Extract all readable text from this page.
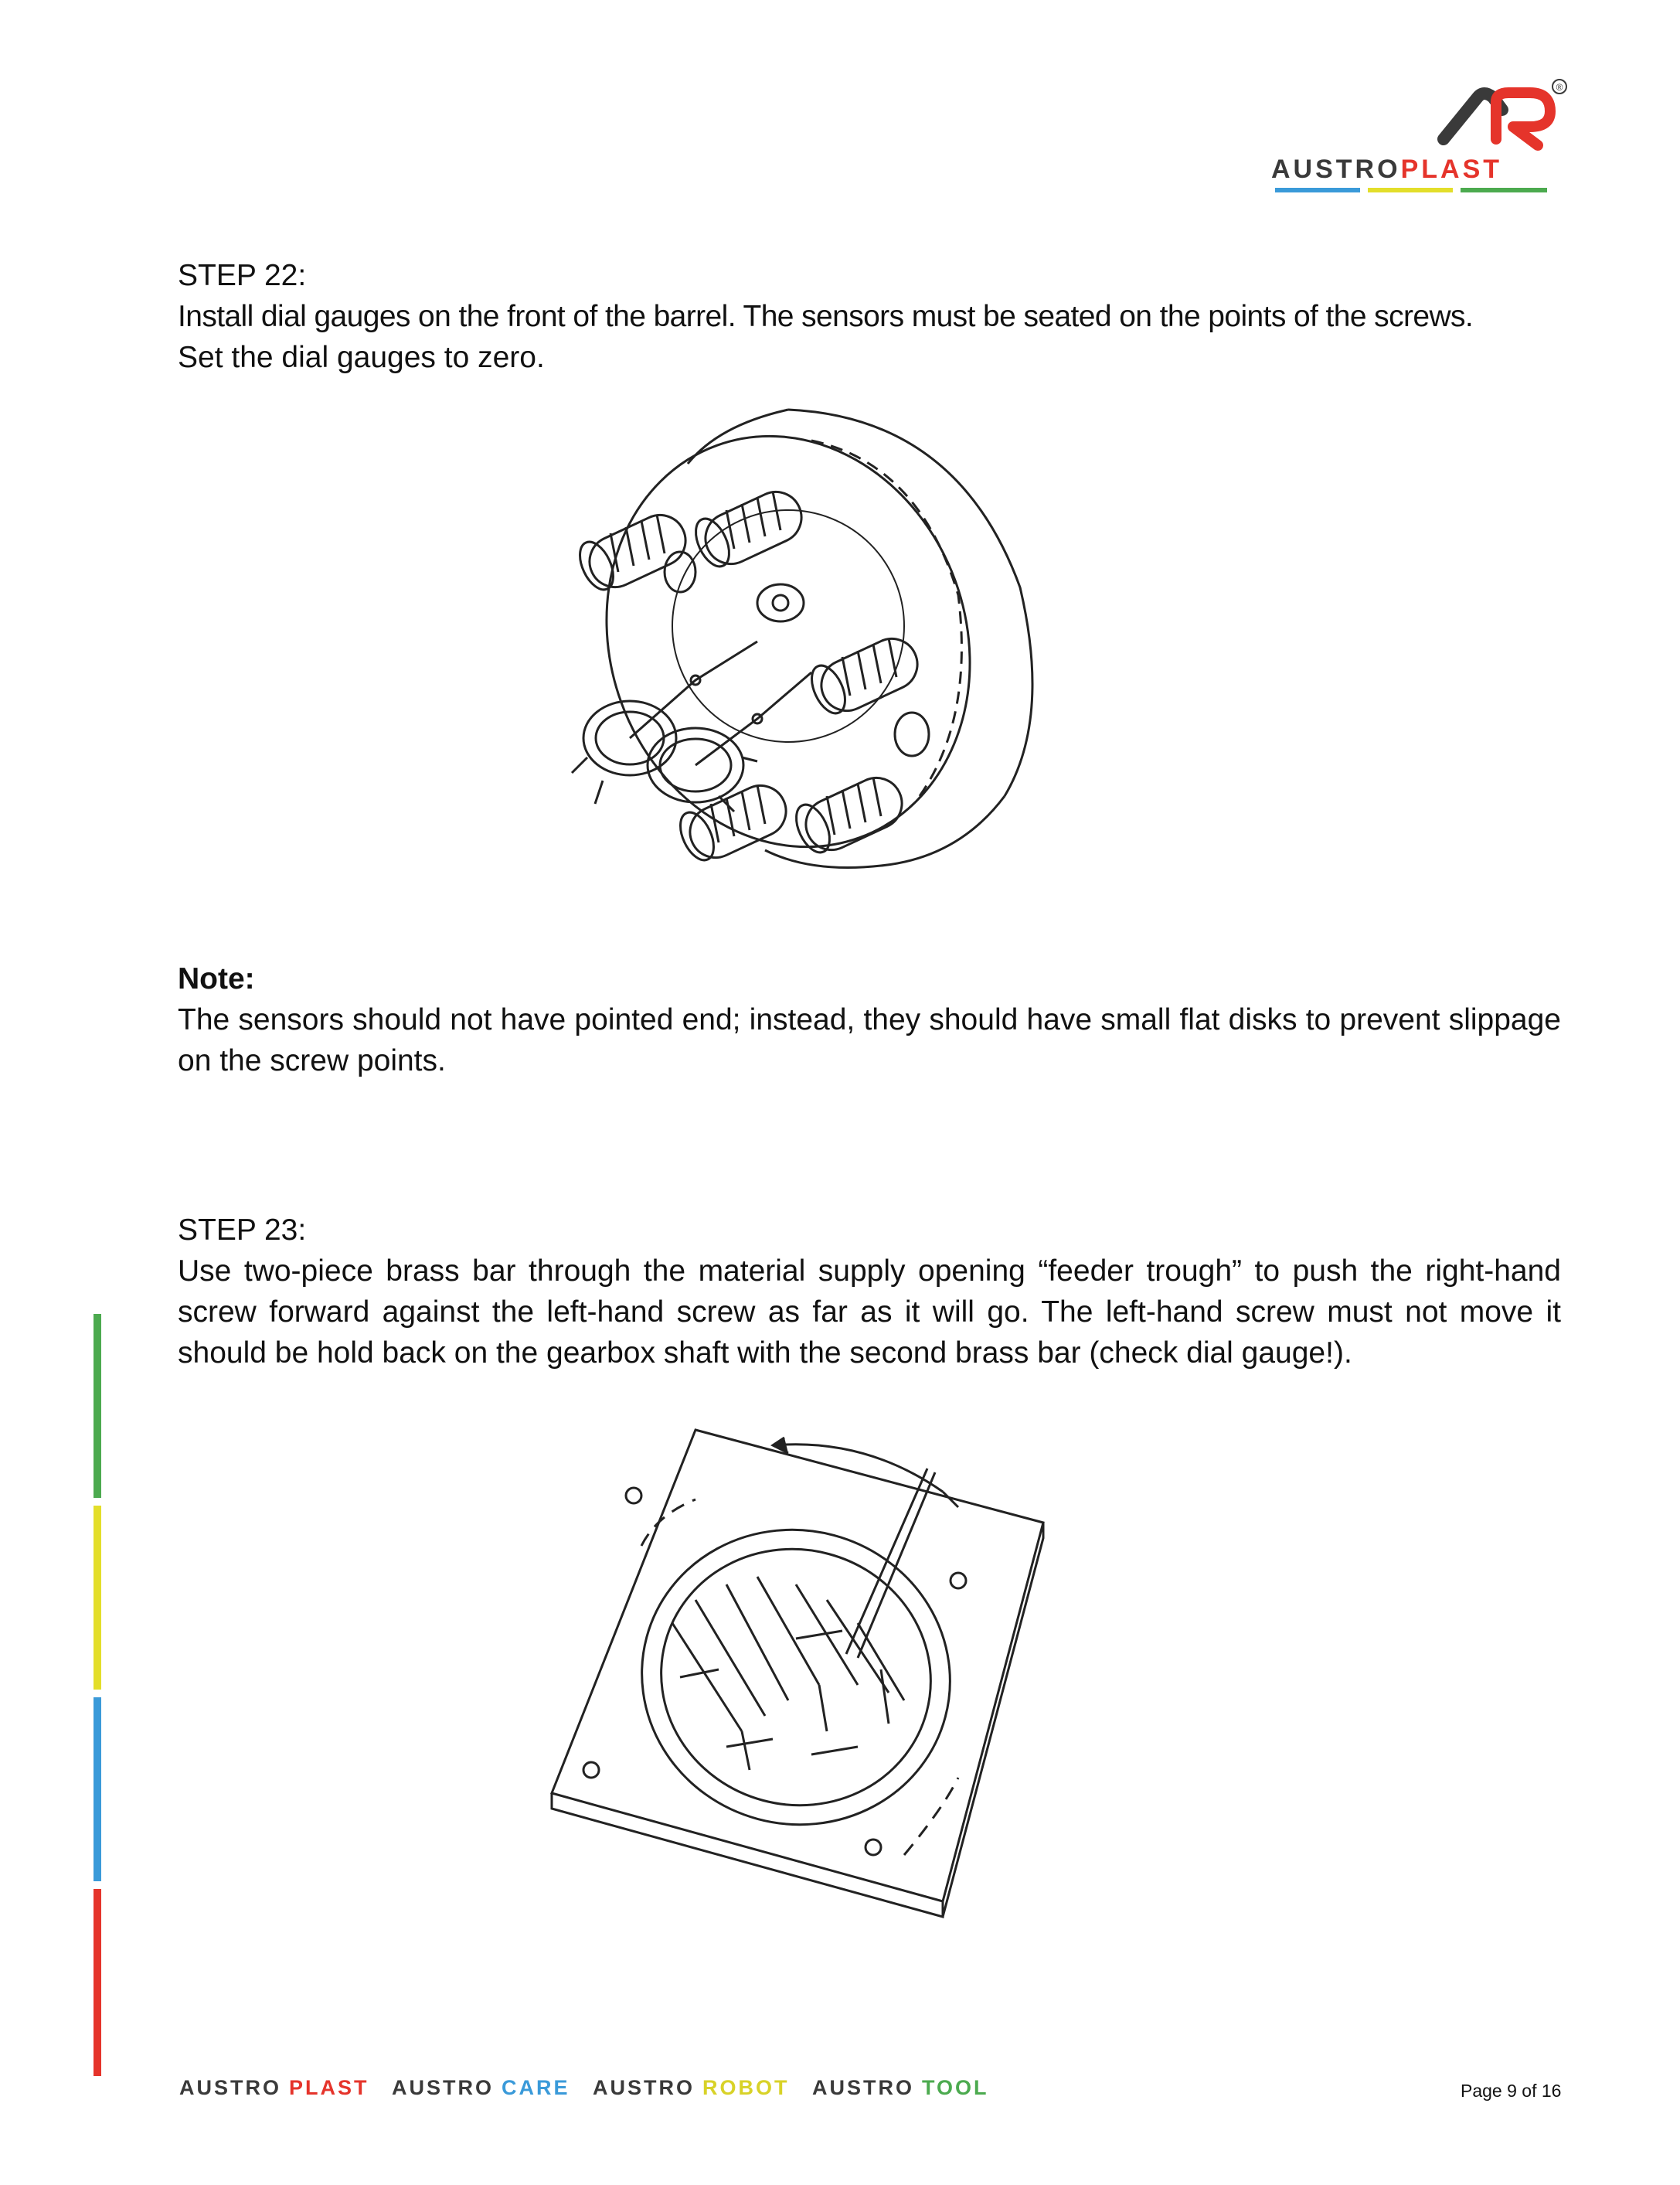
®
AUSTROPLAST
STEP 22:
Install dial gauges on the front of the barrel. The sensors must be seated on the points of the screws.
Set the dial gauges to zero.
Note:
The sensors should not have pointed end; instead, they should have small flat disks to prevent slippage on the screw points.
STEP 23:
Use two-piece brass bar through the material supply opening “feeder trough” to push the right-hand screw forward against the left-hand screw as far as it will go. The left-hand screw must not move it should be hold back on the gearbox shaft with the second brass bar (check dial gauge!).
AUSTRO PLAST AUSTRO CARE AUSTRO ROBOT AUSTRO TOOL	Page 9 of 16
